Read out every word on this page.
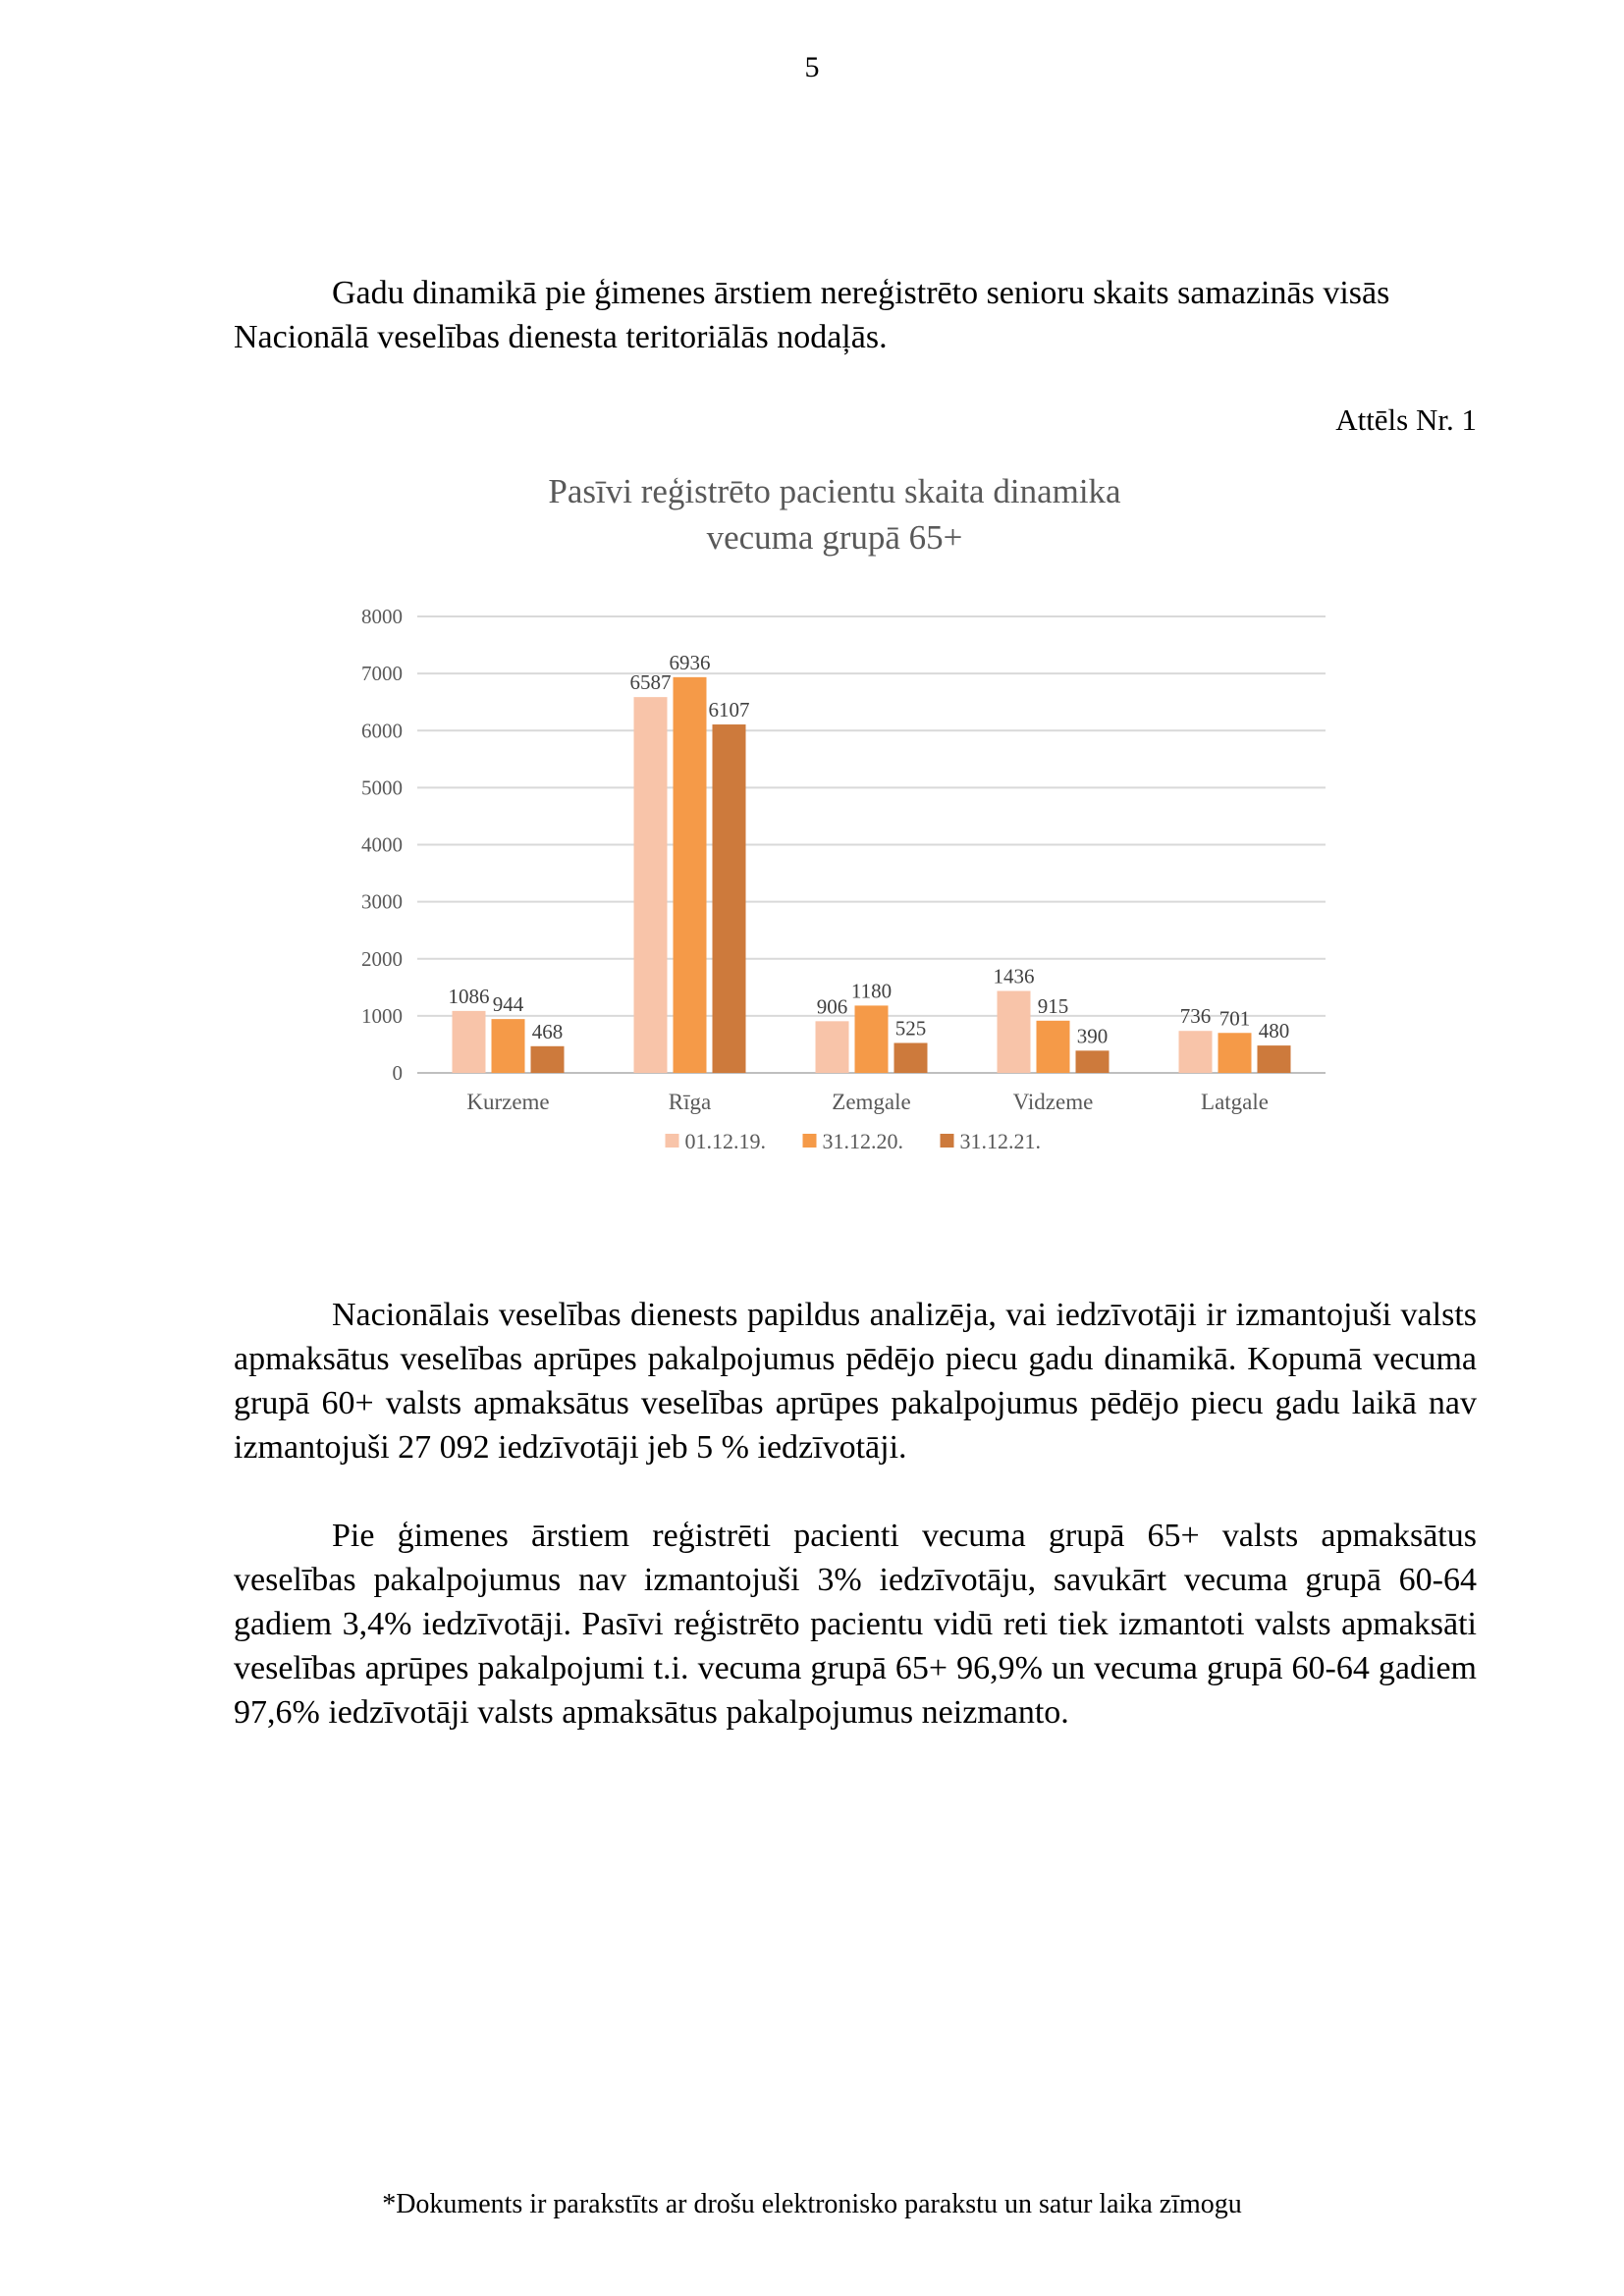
5

Gadu dinamikā pie ģimenes ārstiem nereģistrēto senioru skaits samazinās visās Nacionālā veselības dienesta teritoriālās nodaļās.

Attēls Nr. 1
Pasīvi reģistrēto pacientu skaita dinamika
vecuma grupā 65+
0
1000
2000
3000
4000
5000
6000
7000
8000
1086 944
468
Kurzeme
6587
6936
6107
Rīga
906
1180
525
Zemgale
1436
915
390
Vidzeme
736 701
480
Latgale
01.12.19.	31.12.20.	31.12.21.

Nacionālais veselības dienests papildus analizēja, vai iedzīvotāji ir izmantojuši valsts apmaksātus veselības aprūpes pakalpojumus pēdējo piecu gadu dinamikā. Kopumā vecuma grupā 60+ valsts apmaksātus veselības aprūpes pakalpojumus pēdējo piecu gadu laikā nav izmantojuši 27 092 iedzīvotāji jeb 5 % iedzīvotāji.

Pie ģimenes ārstiem reģistrēti pacienti vecuma grupā 65+ valsts apmaksātus veselības pakalpojumus nav izmantojuši 3% iedzīvotāju, savukārt vecuma grupā 60-64 gadiem 3,4% iedzīvotāji. Pasīvi reģistrēto pacientu vidū reti tiek izmantoti valsts apmaksāti veselības aprūpes pakalpojumi t.i. vecuma grupā 65+ 96,9% un vecuma grupā 60-64 gadiem 97,6% iedzīvotāji valsts apmaksātus pakalpojumus neizmanto.

*Dokuments ir parakstīts ar drošu elektronisko parakstu un satur laika zīmogu
